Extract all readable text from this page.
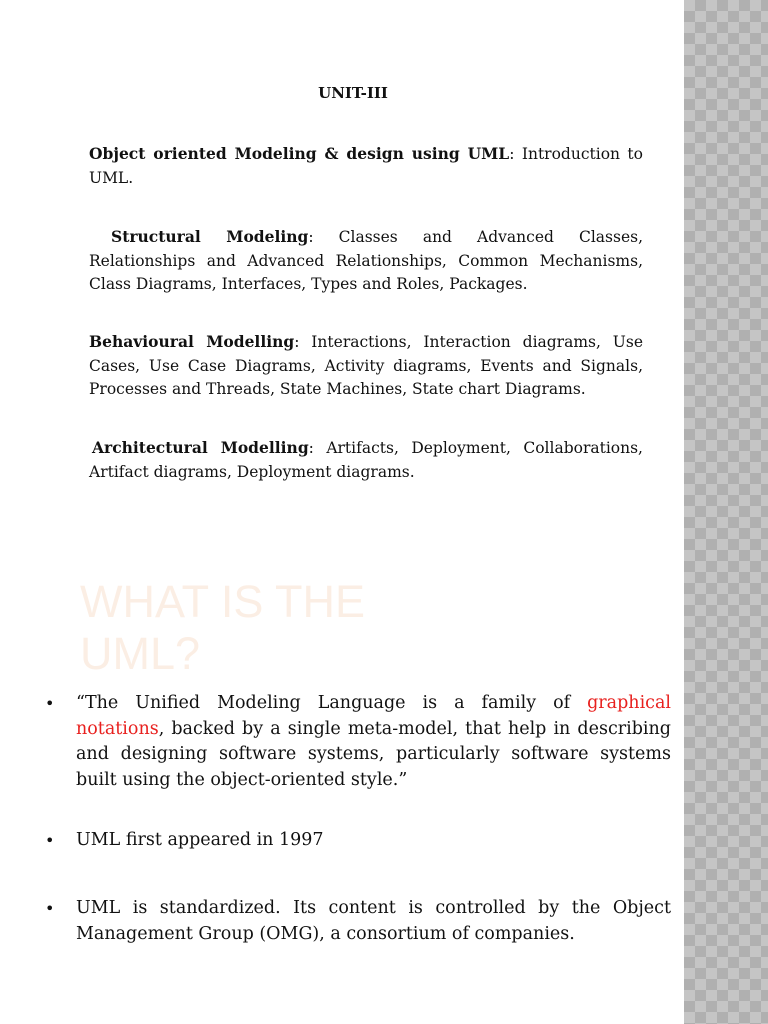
UNIT-III
Object oriented Modeling & design using UML: Introduction to UML.
Structural Modeling: Classes and Advanced Classes, Relationships and Advanced Relationships, Common Mechanisms, Class Diagrams, Interfaces, Types and Roles, Packages.
Behavioural Modelling: Interactions, Interaction diagrams, Use Cases, Use Case Diagrams, Activity diagrams, Events and Signals, Processes and Threads, State Machines, State chart Diagrams.
Architectural Modelling: Artifacts, Deployment, Collaborations, Artifact diagrams, Deployment diagrams.
WHAT IS THE UML?
• “The Unified Modeling Language is a family of graphical notations, backed by a single meta-model, that help in describing and designing software systems, particularly software systems built using the object-oriented style.”
• UML first appeared in 1997
• UML is standardized. Its content is controlled by the Object Management Group (OMG), a consortium of companies.
